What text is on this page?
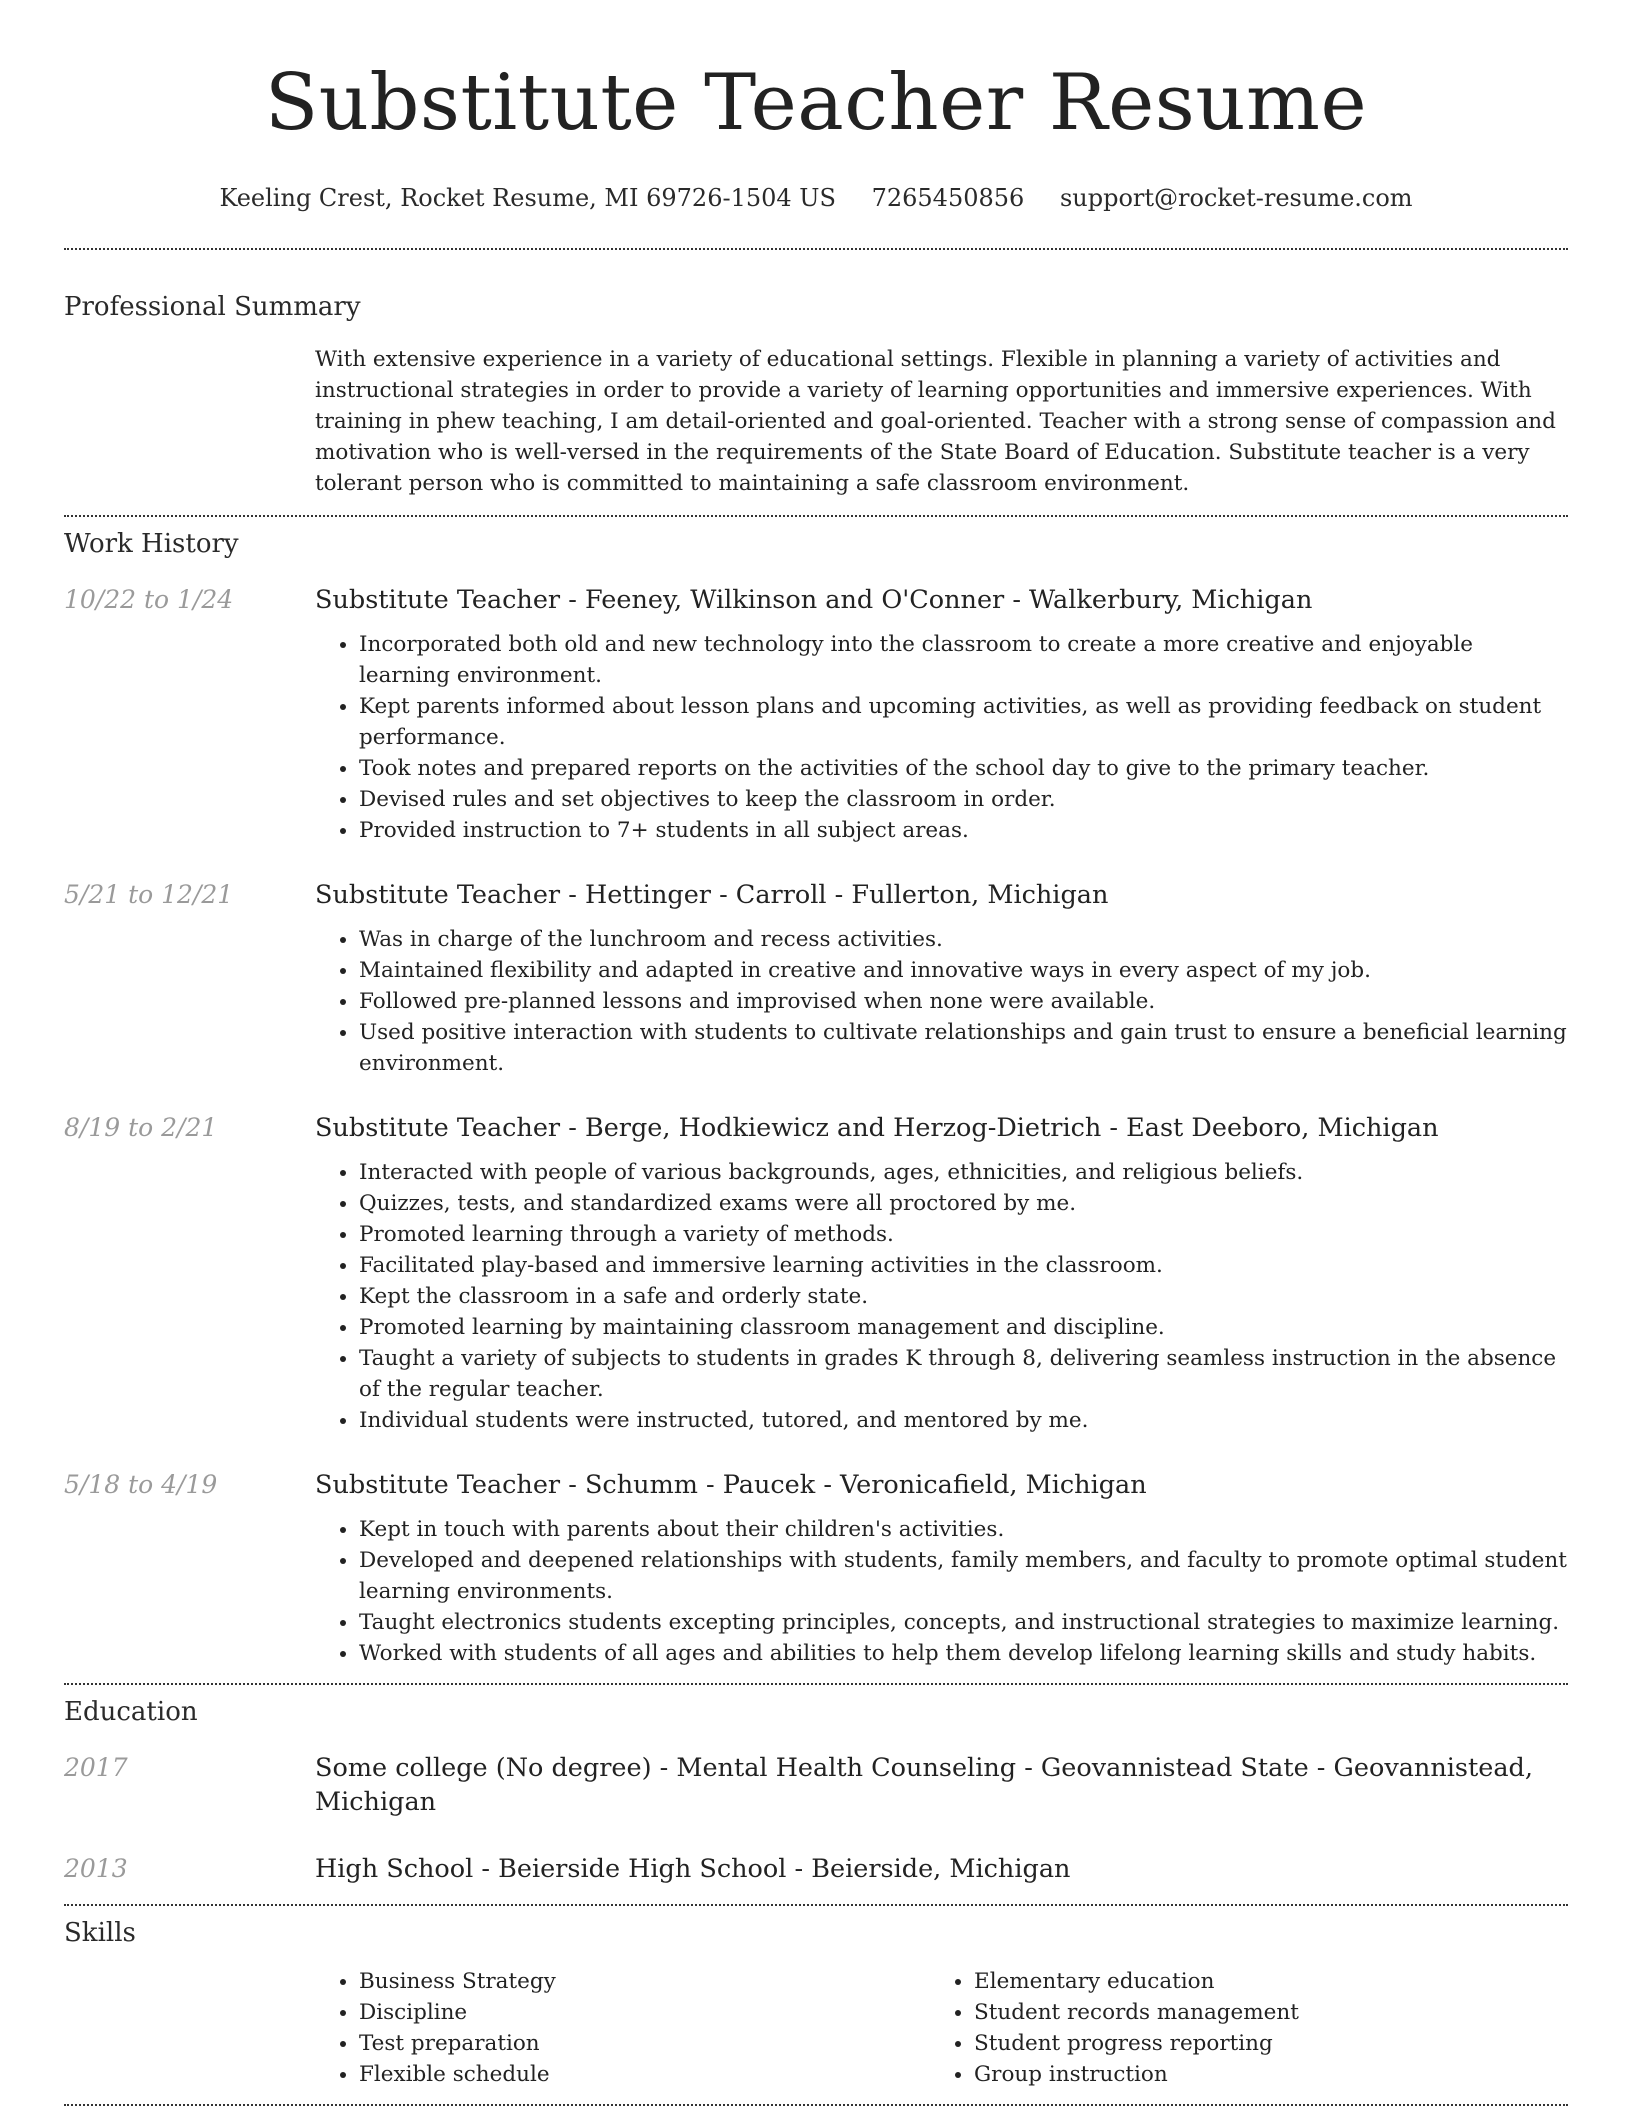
Substitute Teacher Resume
Keeling Crest, Rocket Resume, MI 69726-1504 US 7265450856 support@rocket-resume.com
Professional Summary
With extensive experience in a variety of educational settings. Flexible in planning a variety of activities and instructional strategies in order to provide a variety of learning opportunities and immersive experiences. With training in phew teaching, I am detail-oriented and goal-oriented. Teacher with a strong sense of compassion and motivation who is well-versed in the requirements of the State Board of Education. Substitute teacher is a very tolerant person who is committed to maintaining a safe classroom environment.
Work History
10/22 to 1/24	Substitute Teacher - Feeney, Wilkinson and O'Conner - Walkerbury, Michigan
• Incorporated both old and new technology into the classroom to create a more creative and enjoyable learning environment.
• Kept parents informed about lesson plans and upcoming activities, as well as providing feedback on student performance.
• Took notes and prepared reports on the activities of the school day to give to the primary teacher.
• Devised rules and set objectives to keep the classroom in order.
• Provided instruction to 7+ students in all subject areas.
5/21 to 12/21	Substitute Teacher - Hettinger - Carroll - Fullerton, Michigan
• Was in charge of the lunchroom and recess activities.
• Maintained flexibility and adapted in creative and innovative ways in every aspect of my job.
• Followed pre-planned lessons and improvised when none were available.
• Used positive interaction with students to cultivate relationships and gain trust to ensure a beneficial learning environment.
8/19 to 2/21	Substitute Teacher - Berge, Hodkiewicz and Herzog-Dietrich - East Deeboro, Michigan
• Interacted with people of various backgrounds, ages, ethnicities, and religious beliefs.
• Quizzes, tests, and standardized exams were all proctored by me.
• Promoted learning through a variety of methods.
• Facilitated play-based and immersive learning activities in the classroom.
• Kept the classroom in a safe and orderly state.
• Promoted learning by maintaining classroom management and discipline.
• Taught a variety of subjects to students in grades K through 8, delivering seamless instruction in the absence of the regular teacher.
• Individual students were instructed, tutored, and mentored by me.
5/18 to 4/19	Substitute Teacher - Schumm - Paucek - Veronicafield, Michigan
• Kept in touch with parents about their children's activities.
• Developed and deepened relationships with students, family members, and faculty to promote optimal student learning environments.
• Taught electronics students excepting principles, concepts, and instructional strategies to maximize learning.
• Worked with students of all ages and abilities to help them develop lifelong learning skills and study habits.
Education
2017	Some college (No degree) - Mental Health Counseling - Geovannistead State - Geovannistead, Michigan
2013	High School - Beierside High School - Beierside, Michigan
Skills
• Business Strategy
• Discipline
• Test preparation
• Flexible schedule
• Elementary education
• Student records management
• Student progress reporting
• Group instruction
